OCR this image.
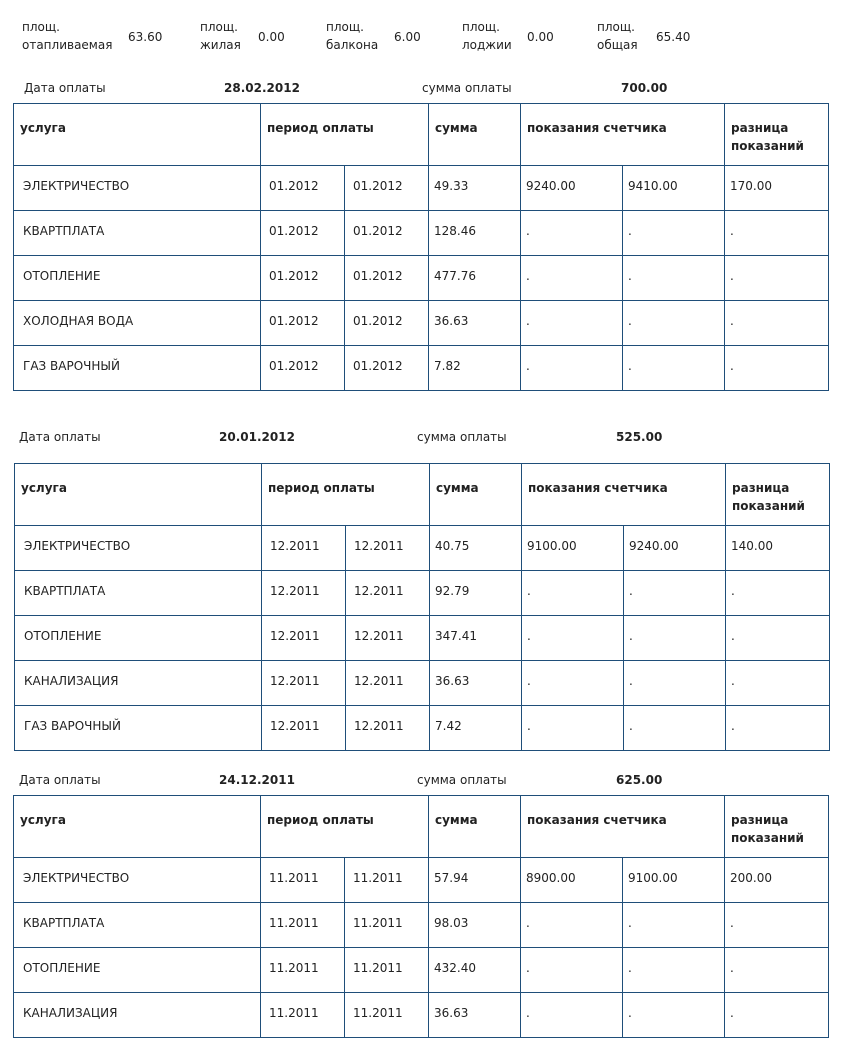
площ.
отапливаемая
63.60
площ.
жилая
0.00
площ.
балкона
6.00
площ.
лоджии
0.00
площ.
общая
65.40
Дата оплаты	28.02.2012	сумма оплаты	700.00
услуга	период оплаты		сумма	показания счетчика		разница
показаний

ЭЛЕКТРИЧЕСТВО	01.2012	01.2012	49.33	9240.00	9410.00	170.00

КВАРТПЛАТА	01.2012	01.2012	128.46	.	.	.

ОТОПЛЕНИЕ	01.2012	01.2012	477.76	.	.	.

ХОЛОДНАЯ ВОДА	01.2012	01.2012	36.63	.	.	.

ГАЗ ВАРОЧНЫЙ	01.2012	01.2012	7.82	.	.	.
Дата оплаты	20.01.2012	сумма оплаты	525.00
услуга	период оплаты		сумма	показания счетчика		разница
показаний

ЭЛЕКТРИЧЕСТВО	12.2011	12.2011	40.75	9100.00	9240.00	140.00

КВАРТПЛАТА	12.2011	12.2011	92.79	.	.	.

ОТОПЛЕНИЕ	12.2011	12.2011	347.41	.	.	.

КАНАЛИЗАЦИЯ	12.2011	12.2011	36.63	.	.	.

ГАЗ ВАРОЧНЫЙ	12.2011	12.2011	7.42	.	.	.
Дата оплаты	24.12.2011	сумма оплаты	625.00
услуга	период оплаты		сумма	показания счетчика		разница
показаний

ЭЛЕКТРИЧЕСТВО	11.2011	11.2011	57.94	8900.00	9100.00	200.00

КВАРТПЛАТА	11.2011	11.2011	98.03	.	.	.

ОТОПЛЕНИЕ	11.2011	11.2011	432.40	.	.	.

КАНАЛИЗАЦИЯ	11.2011	11.2011	36.63	.	.	.
